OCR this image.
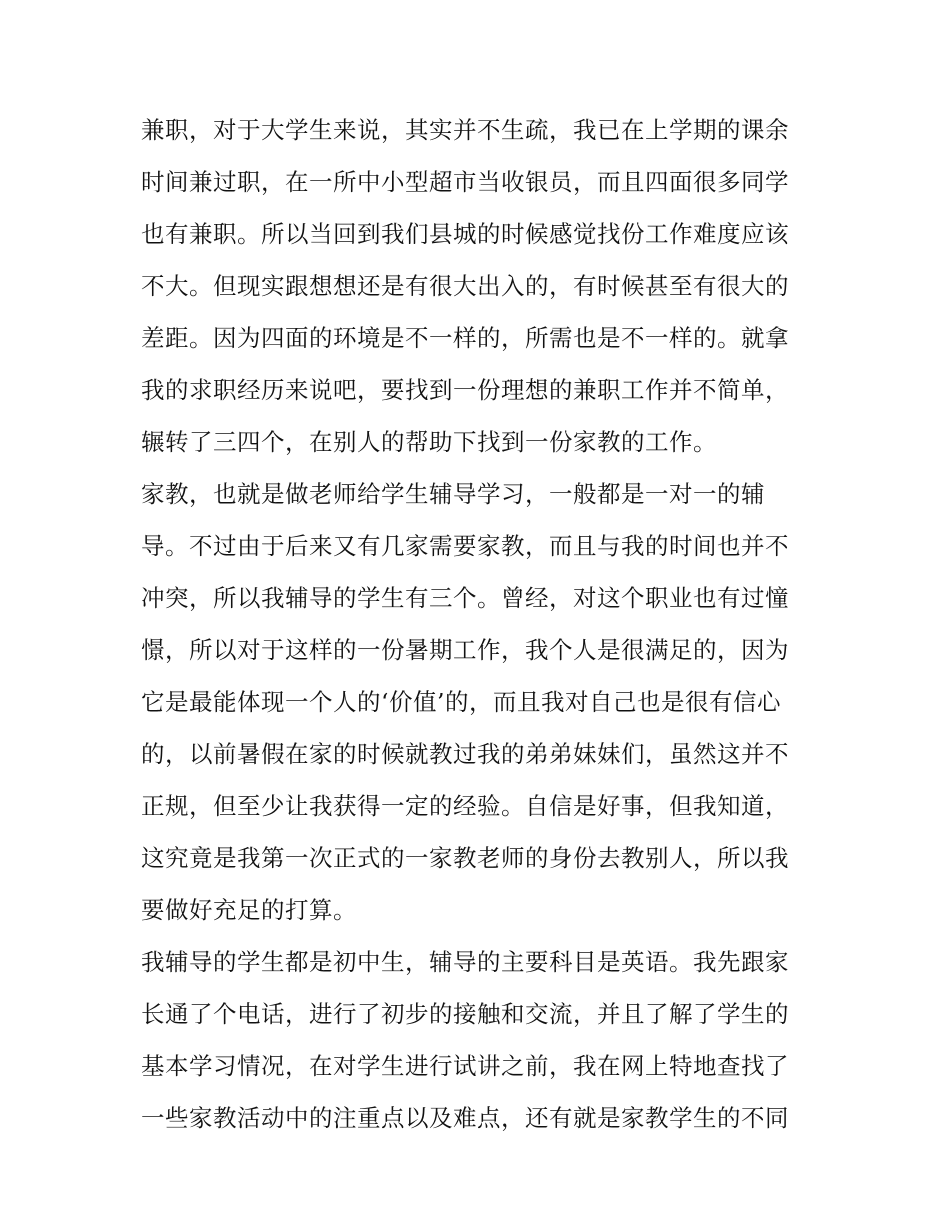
兼职，对于大学生来说，其实并不生疏，我已在上学期的课余
时间兼过职，在一所中小型超市当收银员，而且四面很多同学
也有兼职。所以当回到我们县城的时候感觉找份工作难度应该
不大。但现实跟想想还是有很大出入的，有时候甚至有很大的
差距。因为四面的环境是不一样的，所需也是不一样的。就拿
我的求职经历来说吧，要找到一份理想的兼职工作并不简单，
辗转了三四个，在别人的帮助下找到一份家教的工作。
家教，也就是做老师给学生辅导学习，一般都是一对一的辅
导。不过由于后来又有几家需要家教，而且与我的时间也并不
冲突，所以我辅导的学生有三个。曾经，对这个职业也有过憧
憬，所以对于这样的一份暑期工作，我个人是很满足的，因为
它是最能体现一个人的‘价值’的，而且我对自己也是很有信心
的，以前暑假在家的时候就教过我的弟弟妹妹们，虽然这并不
正规，但至少让我获得一定的经验。自信是好事，但我知道，
这究竟是我第一次正式的一家教老师的身份去教别人，所以我
要做好充足的打算。
我辅导的学生都是初中生，辅导的主要科目是英语。我先跟家
长通了个电话，进行了初步的接触和交流，并且了解了学生的
基本学习情况，在对学生进行试讲之前，我在网上特地查找了
一些家教活动中的注重点以及难点，还有就是家教学生的不同
